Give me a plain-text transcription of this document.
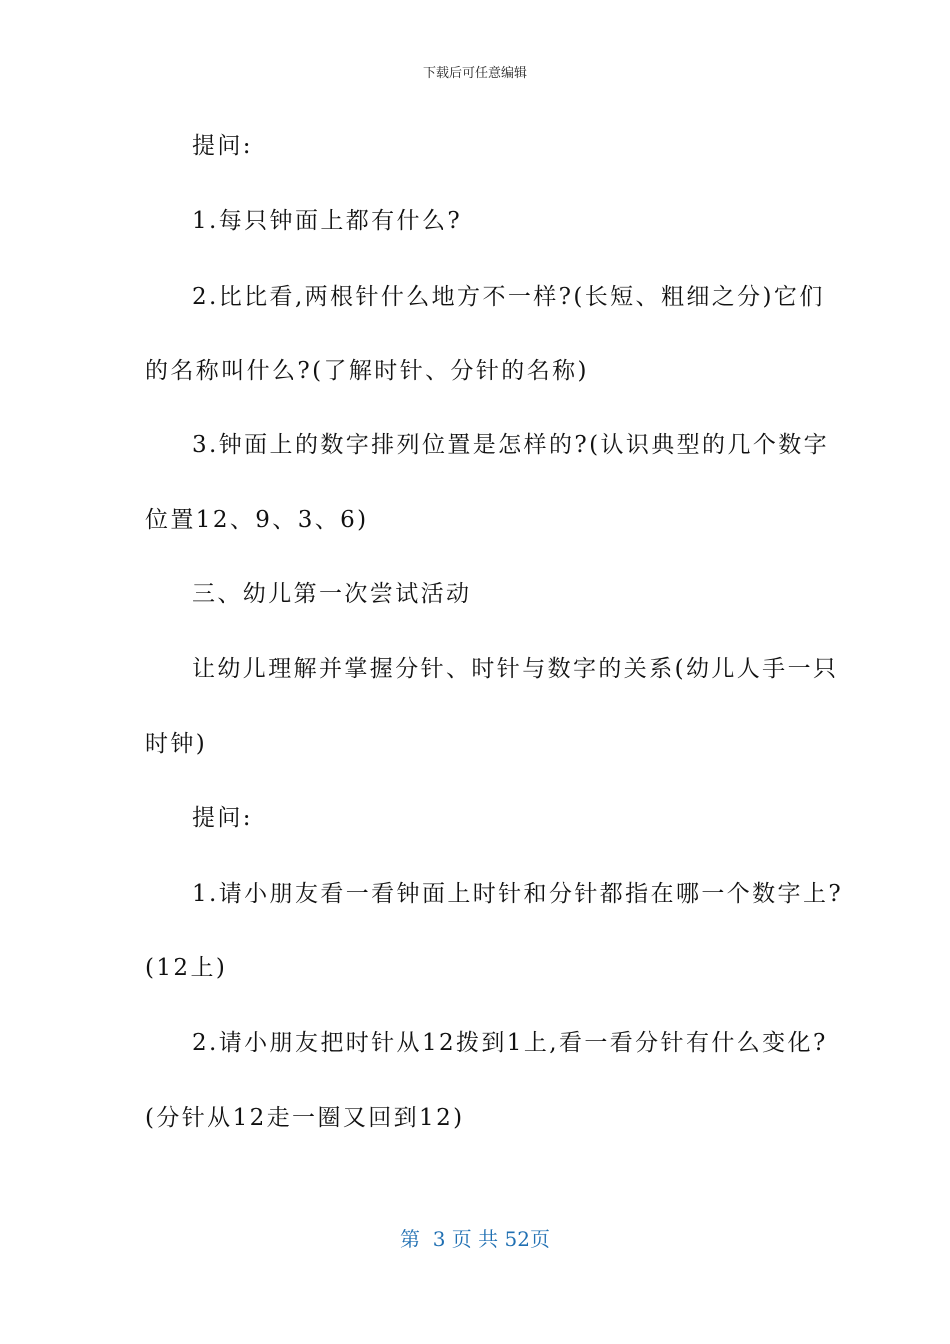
下载后可任意编辑
提问:
1.每只钟面上都有什么?
2.比比看,两根针什么地方不一样?(长短、粗细之分)它们
的名称叫什么?(了解时针、分针的名称)
3.钟面上的数字排列位置是怎样的?(认识典型的几个数字
位置12、9、3、6)
三、幼儿第一次尝试活动
让幼儿理解并掌握分针、时针与数字的关系(幼儿人手一只
时钟)
提问:
1.请小朋友看一看钟面上时针和分针都指在哪一个数字上?
(12上)
2.请小朋友把时针从12拨到1上,看一看分针有什么变化?
(分针从12走一圈又回到12)
第  3 页 共 52页
